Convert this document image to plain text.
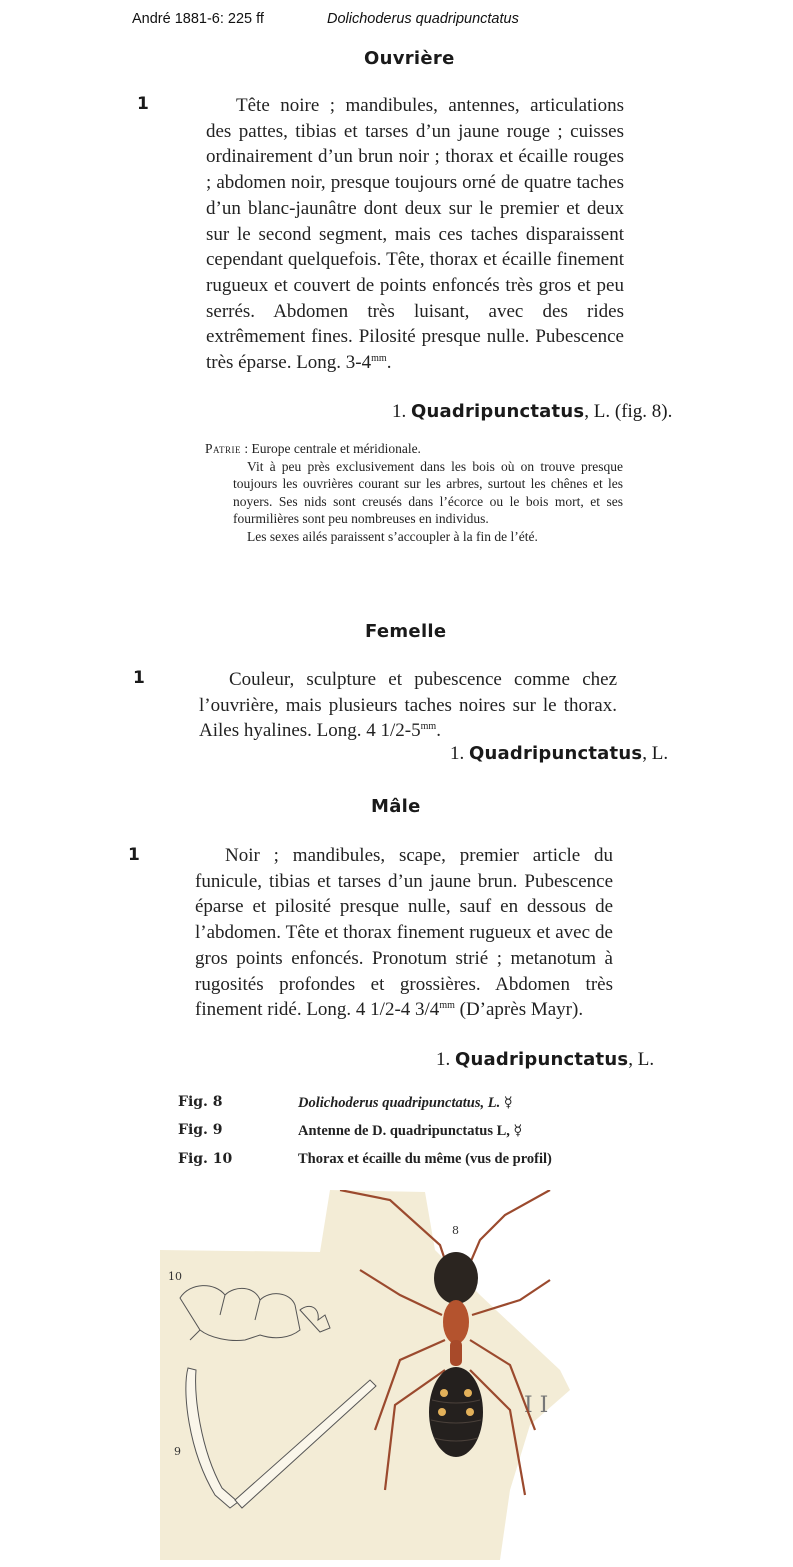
André 1881-6: 225 ff	Dolichoderus quadripunctatus
Ouvrière
1	Tête noire ; mandibules, antennes, articulations des pattes, tibias et tarses d’un jaune rouge ; cuisses ordinairement d’un brun noir ; thorax et écaille rouges ; abdomen noir, presque toujours orné de quatre taches d’un blanc-jaunâtre dont deux sur le premier et deux sur le second segment, mais ces taches disparaissent cependant quelquefois. Tête, thorax et écaille finement rugueux et couvert de points enfoncés très gros et peu serrés. Abdomen très luisant, avec des rides extrêmement fines. Pilosité presque nulle. Pubescence très éparse. Long. $3-4^{mm}$.

1. Quadripunctatus, L. (fig. 8).

Patrie : Europe centrale et méridionale.

Vit à peu près exclusivement dans les bois où on trouve presque toujours les ouvrières courant sur les arbres, surtout les chênes et les noyers. Ses nids sont creusés dans l’écorce ou le bois mort, et ses fourmilières sont peu nombreuses en individus.

Les sexes ailés paraissent s’accoupler à la fin de l’été.

Femelle
1	Couleur, sculpture et pubescence comme chez l’ouvrière, mais plusieurs taches noires sur le thorax. Ailes hyalines. Long. 4 $1/2-5^{mm}$.

1. Quadripunctatus, L.
Mâle
1	Noir ; mandibules, scape, premier article du funicule, tibias et tarses d’un jaune brun. Pubescence éparse et pilosité presque nulle, sauf en dessous de l’abdomen. Tête et thorax finement rugueux et avec de gros points enfoncés. Pronotum strié ; metanotum à rugosités profondes et grossières. Abdomen très finement ridé. Long. 4 1/2-4 $3/4^{mm}$ (D’après Mayr).

1. Quadripunctatus, L.
Fig. 8	Dolichoderus quadripunctatus, L. ☿
Fig. 9	Antenne de D. quadripunctatus L, ☿
Fig. 10	Thorax et écaille du même (vus de profil)
8
10
9
I I
